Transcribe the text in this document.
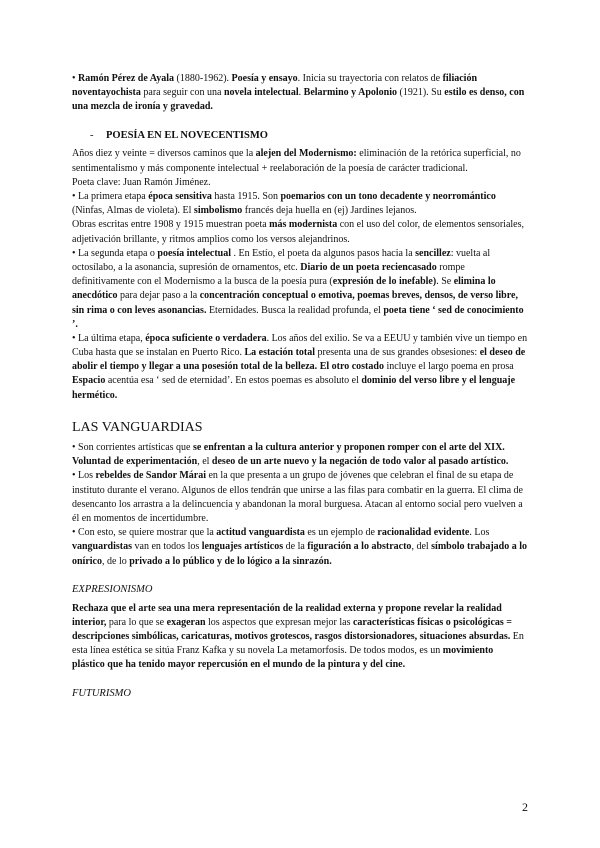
• Ramón Pérez de Ayala (1880-1962). Poesía y ensayo. Inicia su trayectoria con relatos de filiación noventayochista para seguir con una novela intelectual. Belarmino y Apolonio (1921). Su estilo es denso, con una mezcla de ironía y gravedad.

- POESÍA EN EL NOVECENTISMO

Años diez y veinte = diversos caminos que la alejen del Modernismo: eliminación de la retórica superficial, no sentimentalismo y más componente intelectual + reelaboración de la poesía de carácter tradicional.

Poeta clave: Juan Ramón Jiménez.

• La primera etapa época sensitiva hasta 1915. Son poemarios con un tono decadente y neorromántico (Ninfas, Almas de violeta). El simbolismo francés deja huella en (ej) Jardines lejanos.

Obras escritas entre 1908 y 1915 muestran poeta más modernista con el uso del color, de elementos sensoriales, adjetivación brillante, y ritmos amplios como los versos alejandrinos.

• La segunda etapa o poesía intelectual . En Estío, el poeta da algunos pasos hacia la sencillez: vuelta al octosílabo, a la asonancia, supresión de ornamentos, etc. Diario de un poeta reciencasado rompe definitivamente con el Modernismo a la busca de la poesía pura (expresión de lo inefable). Se elimina lo anecdótico para dejar paso a la concentración conceptual o emotiva, poemas breves, densos, de verso libre, sin rima o con leves asonancias. Eternidades. Busca la realidad profunda, el poeta tiene ‘ sed de conocimiento ’.

• La última etapa, época suficiente o verdadera. Los años del exilio. Se va a EEUU y también vive un tiempo en Cuba hasta que se instalan en Puerto Rico. La estación total presenta una de sus grandes obsesiones: el deseo de abolir el tiempo y llegar a una posesión total de la belleza. El otro costado incluye el largo poema en prosa Espacio acentúa esa ‘ sed de eternidad’. En estos poemas es absoluto el dominio del verso libre y el lenguaje hermético.

LAS VANGUARDIAS

• Son corrientes artísticas que se enfrentan a la cultura anterior y proponen romper con el arte del XIX. Voluntad de experimentación, el deseo de un arte nuevo y la negación de todo valor al pasado artístico.

• Los rebeldes de Sandor Márai en la que presenta a un grupo de jóvenes que celebran el final de su etapa de instituto durante el verano. Algunos de ellos tendrán que unirse a las filas para combatir en la guerra. El clima de desencanto los arrastra a la delincuencia y abandonan la moral burguesa. Atacan al entorno social pero vuelven a él en momentos de incertidumbre.

• Con esto, se quiere mostrar que la actitud vanguardista es un ejemplo de racionalidad evidente. Los vanguardistas van en todos los lenguajes artísticos de la figuración a lo abstracto, del símbolo trabajado a lo onírico, de lo privado a lo público y de lo lógico a la sinrazón.

EXPRESIONISMO

Rechaza que el arte sea una mera representación de la realidad externa y propone revelar la realidad interior, para lo que se exageran los aspectos que expresan mejor las características físicas o psicológicas = descripciones simbólicas, caricaturas, motivos grotescos, rasgos distorsionadores, situaciones absurdas. En esta línea estética se sitúa Franz Kafka y su novela La metamorfosis. De todos modos, es un movimiento plástico que ha tenido mayor repercusión en el mundo de la pintura y del cine.

FUTURISMO

2
